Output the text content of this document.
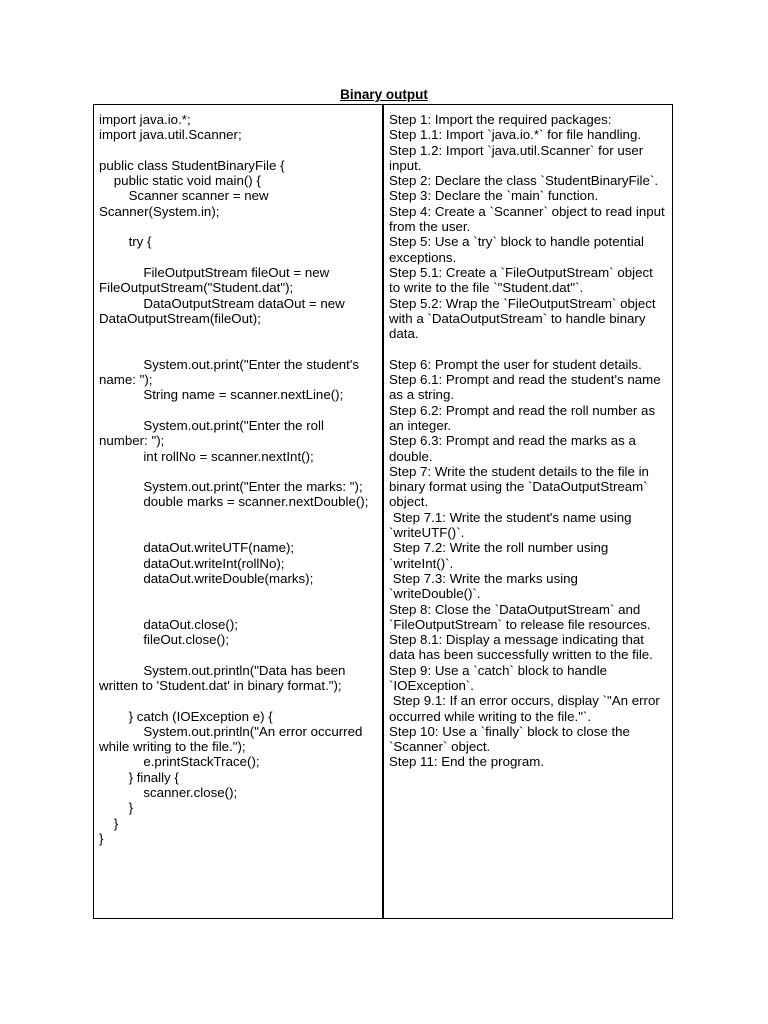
Binary output
import java.io.*;
import java.util.Scanner;
public class StudentBinaryFile {
public static void main() {
Scanner scanner = new Scanner(System.in);
try {
FileOutputStream fileOut = new FileOutputStream("Student.dat");
DataOutputStream dataOut = new DataOutputStream(fileOut);
System.out.print("Enter the student's name: ");
String name = scanner.nextLine();
System.out.print("Enter the roll number: ");
int rollNo = scanner.nextInt();
System.out.print("Enter the marks: ");
double marks = scanner.nextDouble();
dataOut.writeUTF(name);
dataOut.writeInt(rollNo);
dataOut.writeDouble(marks);
dataOut.close();
fileOut.close();
System.out.println("Data has been written to 'Student.dat' in binary format.");
} catch (IOException e) {
System.out.println("An error occurred while writing to the file.");
e.printStackTrace();
} finally {
scanner.close();
}
}
}
Step 1: Import the required packages:
Step 1.1: Import `java.io.*` for file handling.
Step 1.2: Import `java.util.Scanner` for user input.
Step 2: Declare the class `StudentBinaryFile`.
Step 3: Declare the `main` function.
Step 4: Create a `Scanner` object to read input from the user.
Step 5: Use a `try` block to handle potential exceptions.
Step 5.1: Create a `FileOutputStream` object to write to the file `"Student.dat"`.
Step 5.2: Wrap the `FileOutputStream` object with a `DataOutputStream` to handle binary data.
Step 6: Prompt the user for student details.
Step 6.1: Prompt and read the student's name as a string.
Step 6.2: Prompt and read the roll number as an integer.
Step 6.3: Prompt and read the marks as a double.
Step 7: Write the student details to the file in binary format using the `DataOutputStream` object.
Step 7.1: Write the student's name using `writeUTF()`.
Step 7.2: Write the roll number using `writeInt()`.
Step 7.3: Write the marks using `writeDouble()`.
Step 8: Close the `DataOutputStream` and `FileOutputStream` to release file resources.
Step 8.1: Display a message indicating that data has been successfully written to the file.
Step 9: Use a `catch` block to handle `IOException`.
Step 9.1: If an error occurs, display `"An error occurred while writing to the file."`.
Step 10: Use a `finally` block to close the `Scanner` object.
Step 11: End the program.
